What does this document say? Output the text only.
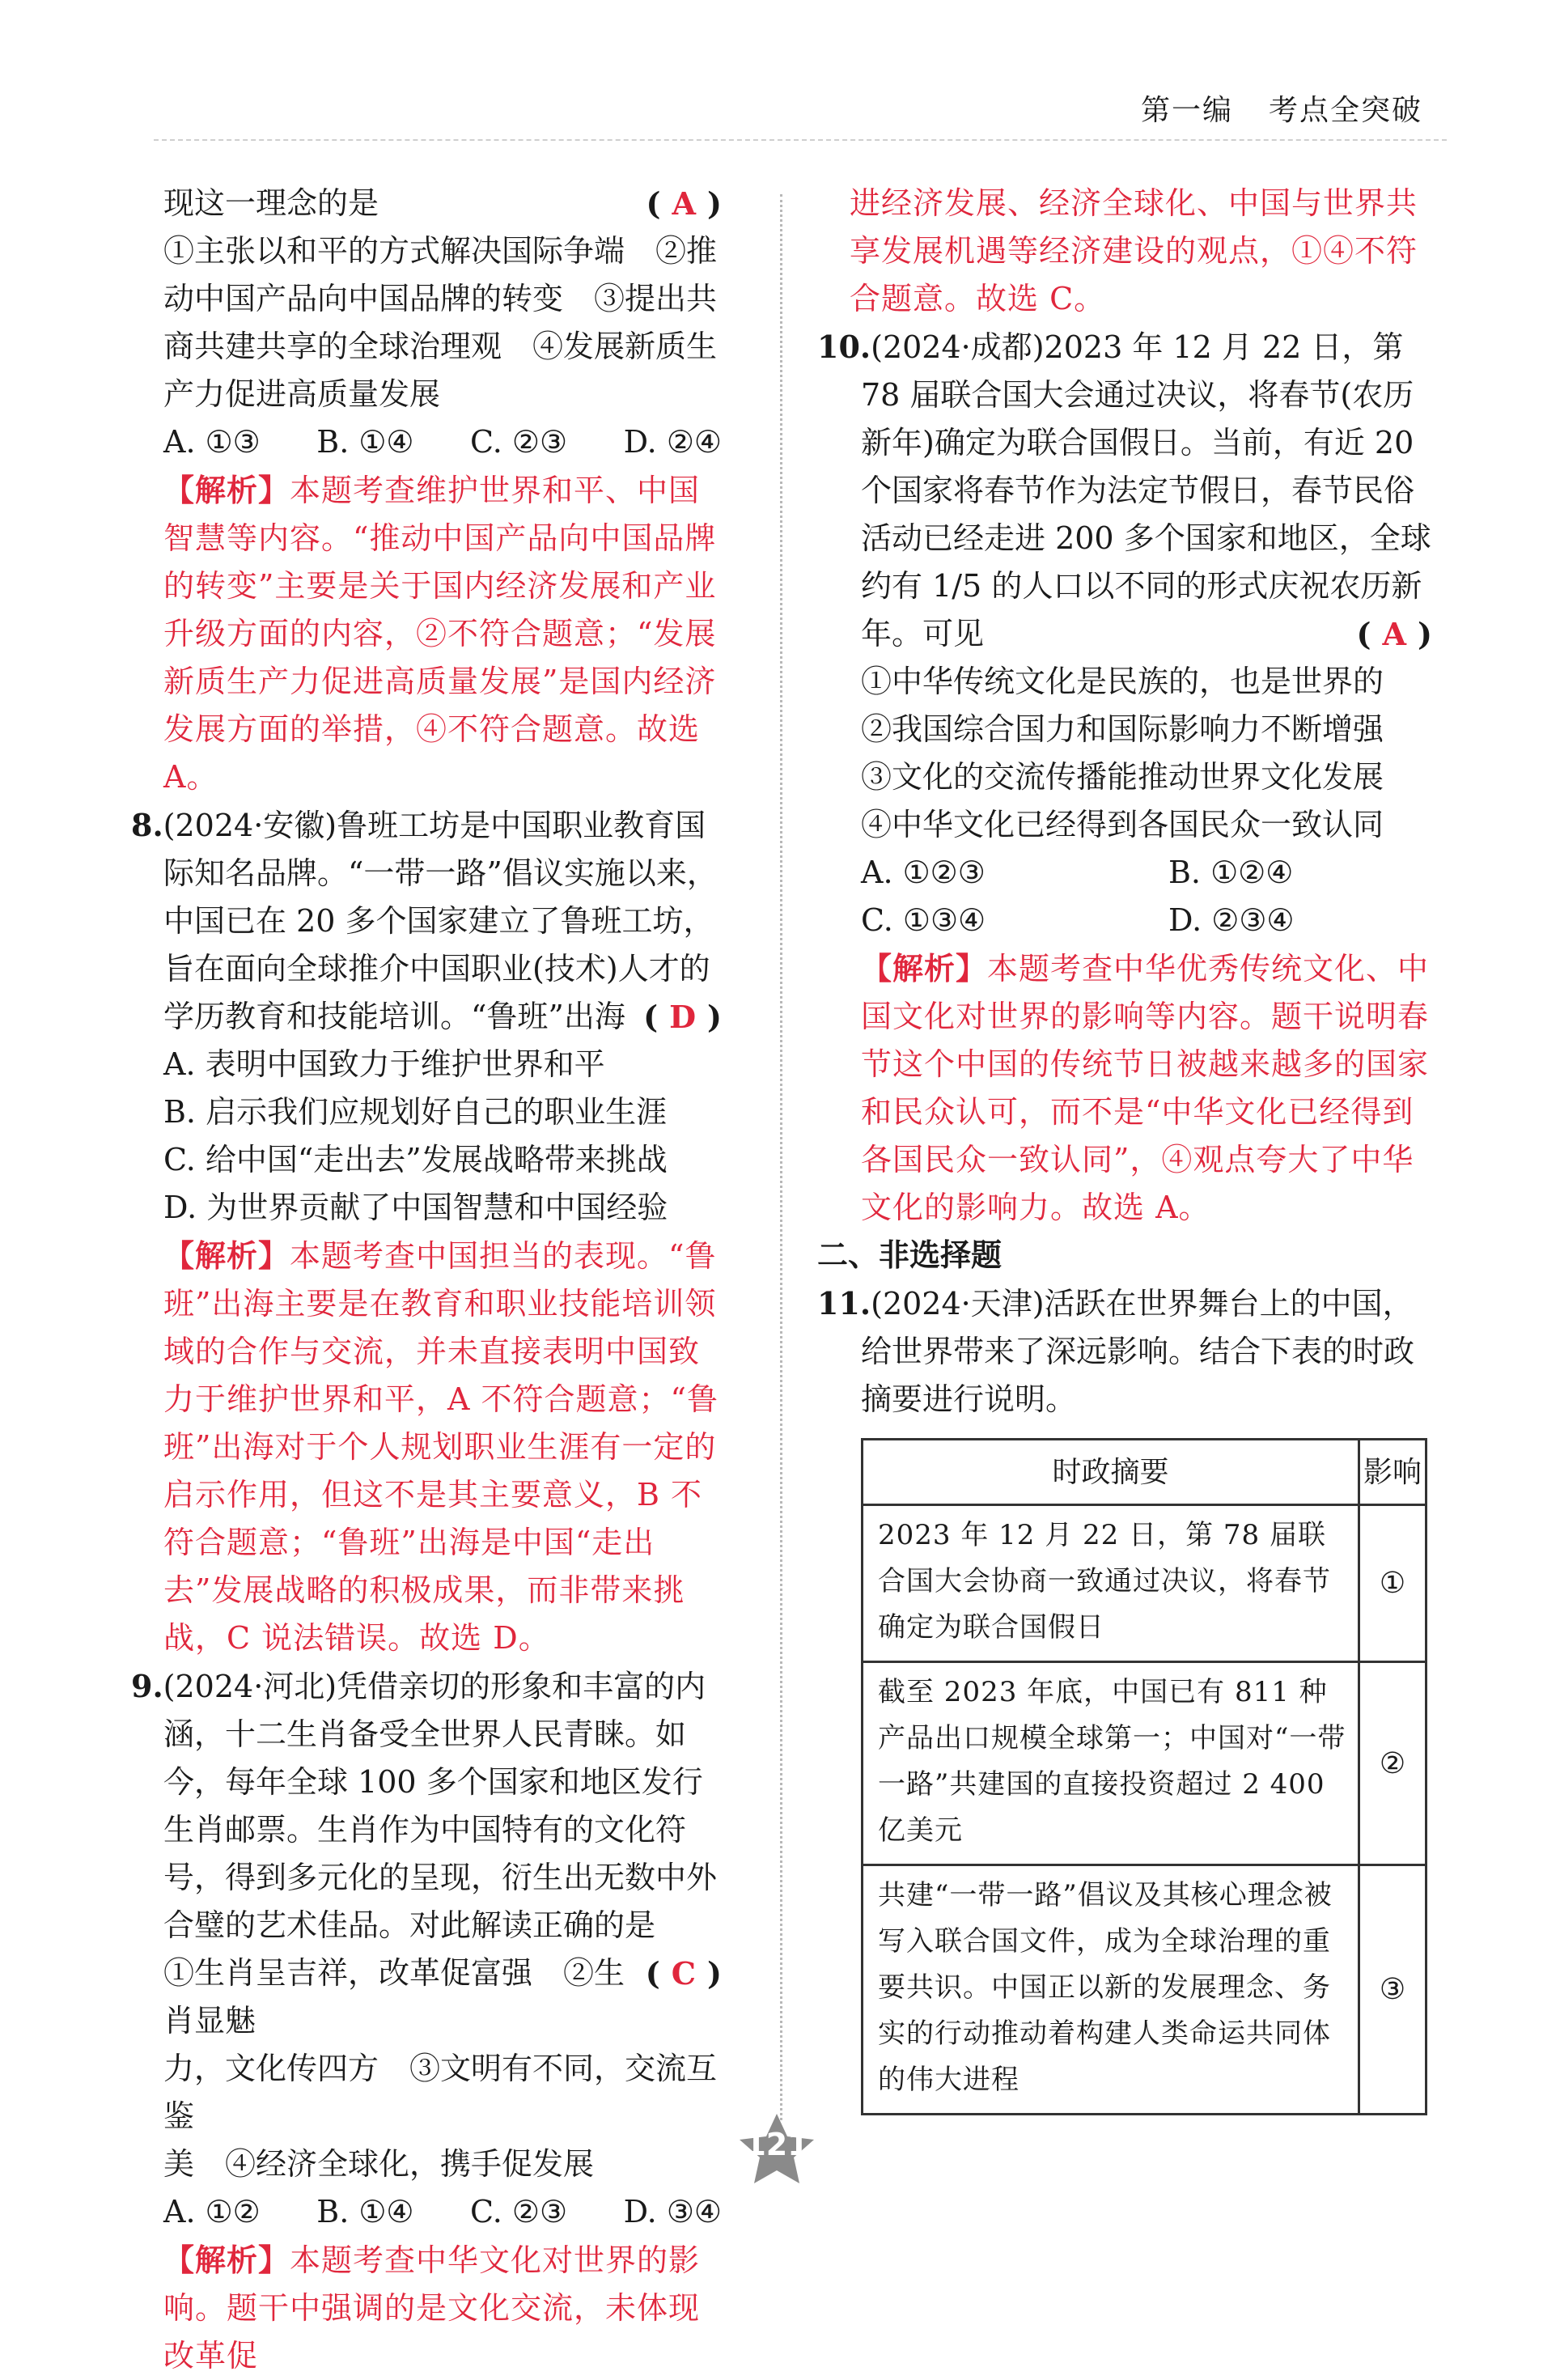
第一编 考点全突破

现这一理念的是	( A )

①主张以和平的方式解决国际争端　②推

动中国产品向中国品牌的转变　③提出共

商共建共享的全球治理观　④发展新质生

产力促进高质量发展

A. ①③ B. ①④ C. ②③ D. ②④

【解析】本题考查维护世界和平、中国智慧等内容。“推动中国产品向中国品牌的转变”主要是关于国内经济发展和产业升级方面的内容，②不符合题意；“发展新质生产力促进高质量发展”是国内经济发展方面的举措，④不符合题意。故选 A。

8.(2024·安徽)鲁班工坊是中国职业教育国际知名品牌。“一带一路”倡议实施以来，中国已在 20 多个国家建立了鲁班工坊，旨在面向全球推介中国职业(技术)人才的学历教育和技能培训。“鲁班”出海 ( D )

A. 表明中国致力于维护世界和平

B. 启示我们应规划好自己的职业生涯

C. 给中国“走出去”发展战略带来挑战

D. 为世界贡献了中国智慧和中国经验

【解析】本题考查中国担当的表现。“鲁班”出海主要是在教育和职业技能培训领域的合作与交流，并未直接表明中国致力于维护世界和平，A 不符合题意；“鲁班”出海对于个人规划职业生涯有一定的启示作用，但这不是其主要意义，B 不符合题意；“鲁班”出海是中国“走出去”发展战略的积极成果，而非带来挑战，C 说法错误。故选 D。

9.(2024·河北)凭借亲切的形象和丰富的内涵，十二生肖备受全世界人民青睐。如今，每年全球 100 多个国家和地区发行生肖邮票。生肖作为中国特有的文化符号，得到多元化的呈现，衍生出无数中外合璧的艺术佳品。对此解读正确的是
( C )

①生肖呈吉祥，改革促富强　②生肖显魅

力，文化传四方　③文明有不同，交流互鉴

美　④经济全球化，携手促发展

A. ①② B. ①④ C. ②③ D. ③④

【解析】本题考查中华文化对世界的影响。题干中强调的是文化交流，未体现改革促

进经济发展、经济全球化、中国与世界共享发展机遇等经济建设的观点，①④不符合题意。故选 C。

10.(2024·成都)2023 年 12 月 22 日，第 78 届联合国大会通过决议，将春节(农历新年)确定为联合国假日。当前，有近 20 个国家将春节作为法定节假日，春节民俗活动已经走进 200 多个国家和地区，全球约有 1/5 的人口以不同的形式庆祝农历新年。可见	( A )

①中华传统文化是民族的，也是世界的

②我国综合国力和国际影响力不断增强

③文化的交流传播能推动世界文化发展

④中华文化已经得到各国民众一致认同

A. ①②③	B. ①②④
C. ①③④	D. ②③④

【解析】本题考查中华优秀传统文化、中国文化对世界的影响等内容。题干说明春节这个中国的传统节日被越来越多的国家和民众认可，而不是“中华文化已经得到各国民众一致认同”，④观点夸大了中华文化的影响力。故选 A。

二、非选择题

11.(2024·天津)活跃在世界舞台上的中国，给世界带来了深远影响。结合下表的时政摘要进行说明。

时政摘要	影响
2023 年 12 月 22 日，第 78 届联合国大会协商一致通过决议，将春节确定为联合国假日	①
截至 2023 年底，中国已有 811 种产品出口规模全球第一；中国对“一带一路”共建国的直接投资超过 2 400 亿美元	②
共建“一带一路”倡议及其核心理念被写入联合国文件，成为全球治理的重要共识。中国正以新的发展理念、务实的行动推动着构建人类命运共同体的伟大进程	③
121
